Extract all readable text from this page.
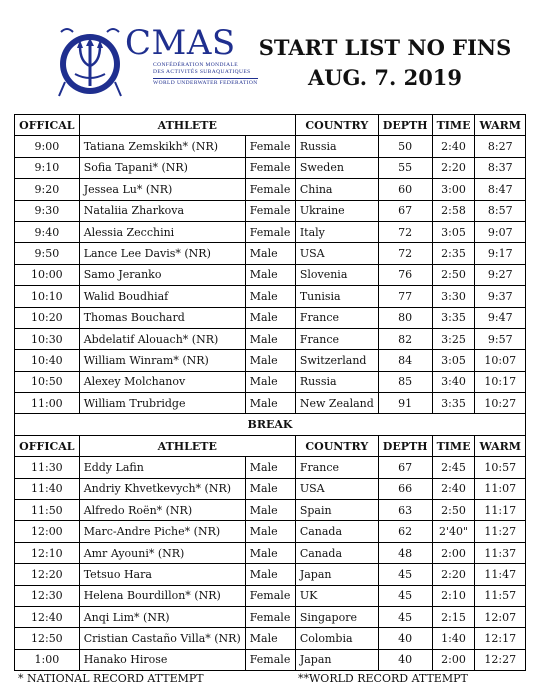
CMAS
CONFÉDÉRATION MONDIALE
DES ACTIVITÉS SUBAQUATIQUES
WORLD UNDERWATER FEDERATION
START LIST NO FINS
AUG. 7. 2019
OFFICAL	ATHLETE		COUNTRY	DEPTH	TIME	WARM
9:00	Tatiana Zemskikh* (NR)	Female	Russia	50	2:40	8:27
9:10	Sofia Tapani* (NR)	Female	Sweden	55	2:20	8:37
9:20	Jessea Lu* (NR)	Female	China	60	3:00	8:47
9:30	Nataliia Zharkova	Female	Ukraine	67	2:58	8:57
9:40	Alessia Zecchini	Female	Italy	72	3:05	9:07
9:50	Lance Lee Davis* (NR)	Male	USA	72	2:35	9:17
10:00	Samo Jeranko	Male	Slovenia	76	2:50	9:27
10:10	Walid Boudhiaf	Male	Tunisia	77	3:30	9:37
10:20	Thomas Bouchard	Male	France	80	3:35	9:47
10:30	Abdelatif Alouach* (NR)	Male	France	82	3:25	9:57
10:40	William Winram* (NR)	Male	Switzerland	84	3:05	10:07
10:50	Alexey Molchanov	Male	Russia	85	3:40	10:17
11:00	William Trubridge	Male	New Zealand	91	3:35	10:27
BREAK						
OFFICAL	ATHLETE		COUNTRY	DEPTH	TIME	WARM
11:30	Eddy Lafin	Male	France	67	2:45	10:57
11:40	Andriy Khvetkevych* (NR)	Male	USA	66	2:40	11:07
11:50	Alfredo Roën* (NR)	Male	Spain	63	2:50	11:17
12:00	Marc-Andre Piche* (NR)	Male	Canada	62	2'40"	11:27
12:10	Amr Ayouni* (NR)	Male	Canada	48	2:00	11:37
12:20	Tetsuo Hara	Male	Japan	45	2:20	11:47
12:30	Helena Bourdillon* (NR)	Female	UK	45	2:10	11:57
12:40	Anqi Lim* (NR)	Female	Singapore	45	2:15	12:07
12:50	Cristian Castaño Villa* (NR)	Male	Colombia	40	1:40	12:17
1:00	Hanako Hirose	Female	Japan	40	2:00	12:27
* NATIONAL RECORD ATTEMPT	**WORLD RECORD ATTEMPT
